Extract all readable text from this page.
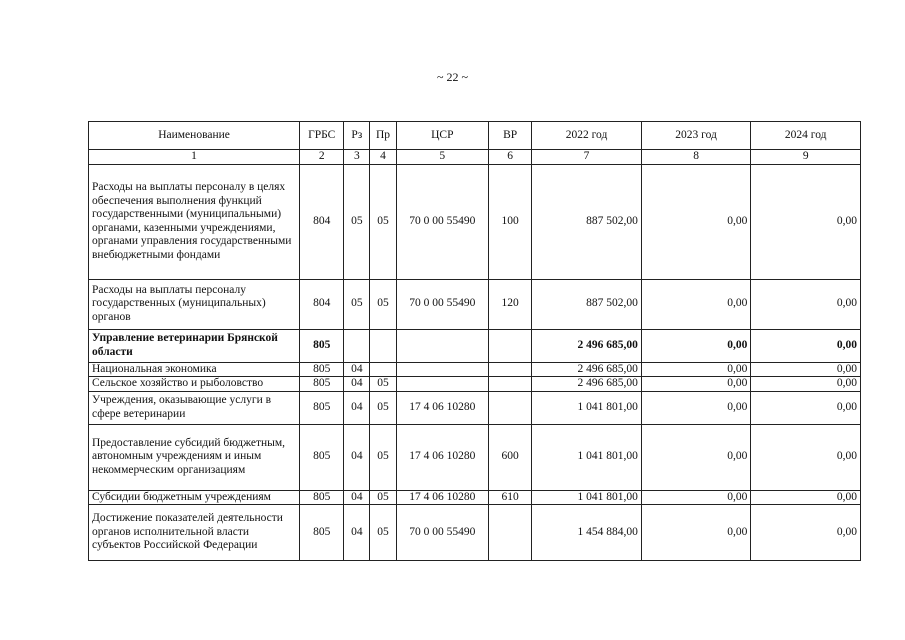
~ 22 ~
Наименование	ГРБС	Рз	Пр	ЦСР	ВР	2022 год	2023 год	2024 год
1	2	3	4	5	6	7	8	9
Расходы на выплаты персоналу в целях обеспечения выполнения функций государственными (муниципальными) органами, казенными учреждениями, органами управления государственными внебюджетными фондами	804	05	05	70 0 00 55490	100	887 502,00	0,00	0,00
Расходы на выплаты персоналу государственных (муниципальных) органов	804	05	05	70 0 00 55490	120	887 502,00	0,00	0,00
Управление ветеринарии Брянской области	805					2 496 685,00	0,00	0,00
Национальная экономика	805	04				2 496 685,00	0,00	0,00
Сельское хозяйство и рыболовство	805	04	05			2 496 685,00	0,00	0,00
Учреждения, оказывающие услуги в сфере ветеринарии	805	04	05	17 4 06 10280		1 041 801,00	0,00	0,00
Предоставление субсидий бюджетным, автономным учреждениям и иным некоммерческим организациям	805	04	05	17 4 06 10280	600	1 041 801,00	0,00	0,00
Субсидии бюджетным учреждениям	805	04	05	17 4 06 10280	610	1 041 801,00	0,00	0,00
Достижение показателей деятельности органов исполнительной власти субъектов Российской Федерации	805	04	05	70 0 00 55490		1 454 884,00	0,00	0,00
